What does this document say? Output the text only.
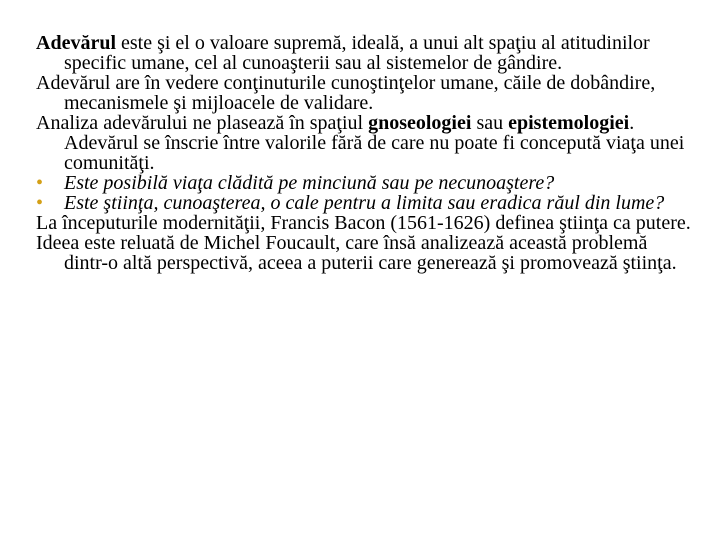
Adevărul este şi el o valoare supremă, ideală, a unui alt spaţiu al atitudinilor specific umane, cel al cunoaşterii sau al sistemelor de gândire.

Adevărul are în vedere conţinuturile cunoştinţelor umane, căile de dobândire, mecanismele şi mijloacele de validare.

Analiza adevărului ne plasează în spaţiul gnoseologiei sau epistemologiei. Adevărul se înscrie între valorile fără de care nu poate fi concepută viaţa unei comunităţi.

•	Este posibilă viaţa clădită pe minciună sau pe necunoaştere?

•	Este ştiinţa, cunoaşterea, o cale pentru a limita sau eradica răul din lume?

La începuturile modernităţii, Francis Bacon (1561-1626) definea ştiinţa ca putere.

Ideea este reluată de Michel Foucault, care însă analizează această problemă dintr-o altă perspectivă, aceea a puterii care generează şi promovează ştiinţa.
